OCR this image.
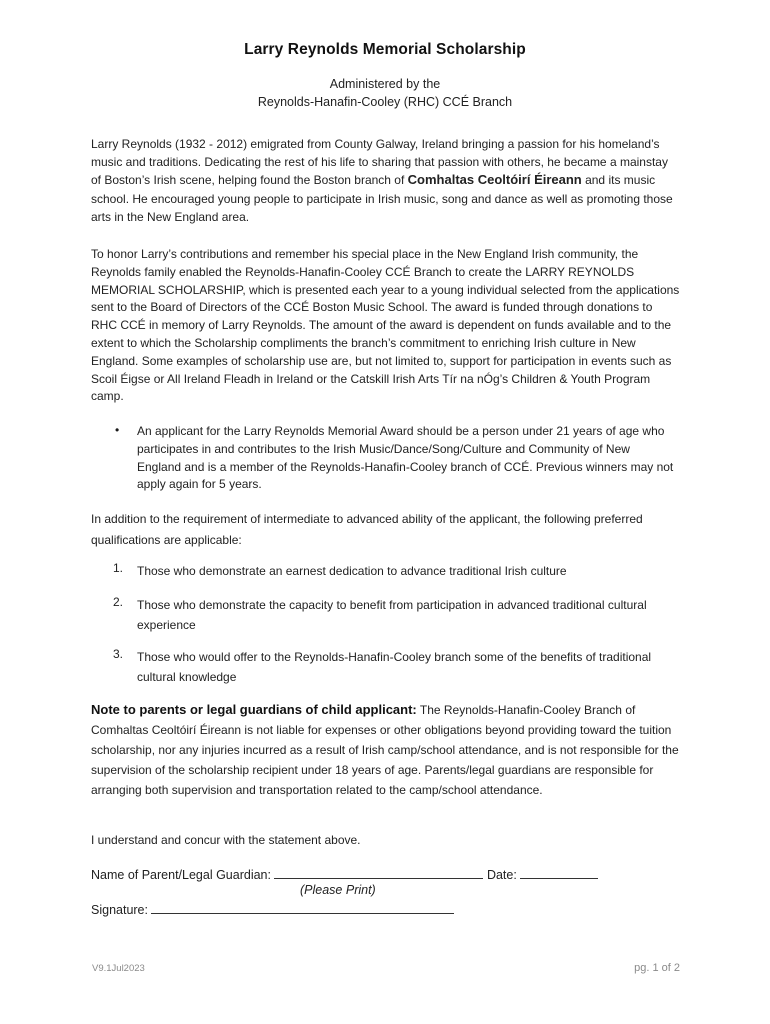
Larry Reynolds Memorial Scholarship
Administered by the
Reynolds-Hanafin-Cooley (RHC) CCÉ Branch
Larry Reynolds (1932 - 2012) emigrated from County Galway, Ireland bringing a passion for his homeland’s music and traditions. Dedicating the rest of his life to sharing that passion with others, he became a mainstay of Boston’s Irish scene, helping found the Boston branch of Comhaltas Ceoltóirí Éireann and its music school. He encouraged young people to participate in Irish music, song and dance as well as promoting those arts in the New England area.
To honor Larry’s contributions and remember his special place in the New England Irish community, the Reynolds family enabled the Reynolds-Hanafin-Cooley CCÉ Branch to create the LARRY REYNOLDS MEMORIAL SCHOLARSHIP, which is presented each year to a young individual selected from the applications sent to the Board of Directors of the CCÉ Boston Music School. The award is funded through donations to RHC CCÉ in memory of Larry Reynolds. The amount of the award is dependent on funds available and to the extent to which the Scholarship compliments the branch’s commitment to enriching Irish culture in New England. Some examples of scholarship use are, but not limited to, support for participation in events such as Scoil Éigse or All Ireland Fleadh in Ireland or the Catskill Irish Arts Tír na nÓg’s Children & Youth Program camp.
• An applicant for the Larry Reynolds Memorial Award should be a person under 21 years of age who participates in and contributes to the Irish Music/Dance/Song/Culture and Community of New England and is a member of the Reynolds-Hanafin-Cooley branch of CCÉ. Previous winners may not apply again for 5 years.
In addition to the requirement of intermediate to advanced ability of the applicant, the following preferred qualifications are applicable:
1. Those who demonstrate an earnest dedication to advance traditional Irish culture
2. Those who demonstrate the capacity to benefit from participation in advanced traditional cultural experience
3. Those who would offer to the Reynolds-Hanafin-Cooley branch some of the benefits of traditional cultural knowledge
Note to parents or legal guardians of child applicant: The Reynolds-Hanafin-Cooley Branch of Comhaltas Ceoltóirí Éireann is not liable for expenses or other obligations beyond providing toward the tuition scholarship, nor any injuries incurred as a result of Irish camp/school attendance, and is not responsible for the supervision of the scholarship recipient under 18 years of age. Parents/legal guardians are responsible for arranging both supervision and transportation related to the camp/school attendance.
I understand and concur with the statement above.
Name of Parent/Legal Guardian:	Date:
(Please Print)
Signature:
V9.1Jul2023	pg. 1 of 2
